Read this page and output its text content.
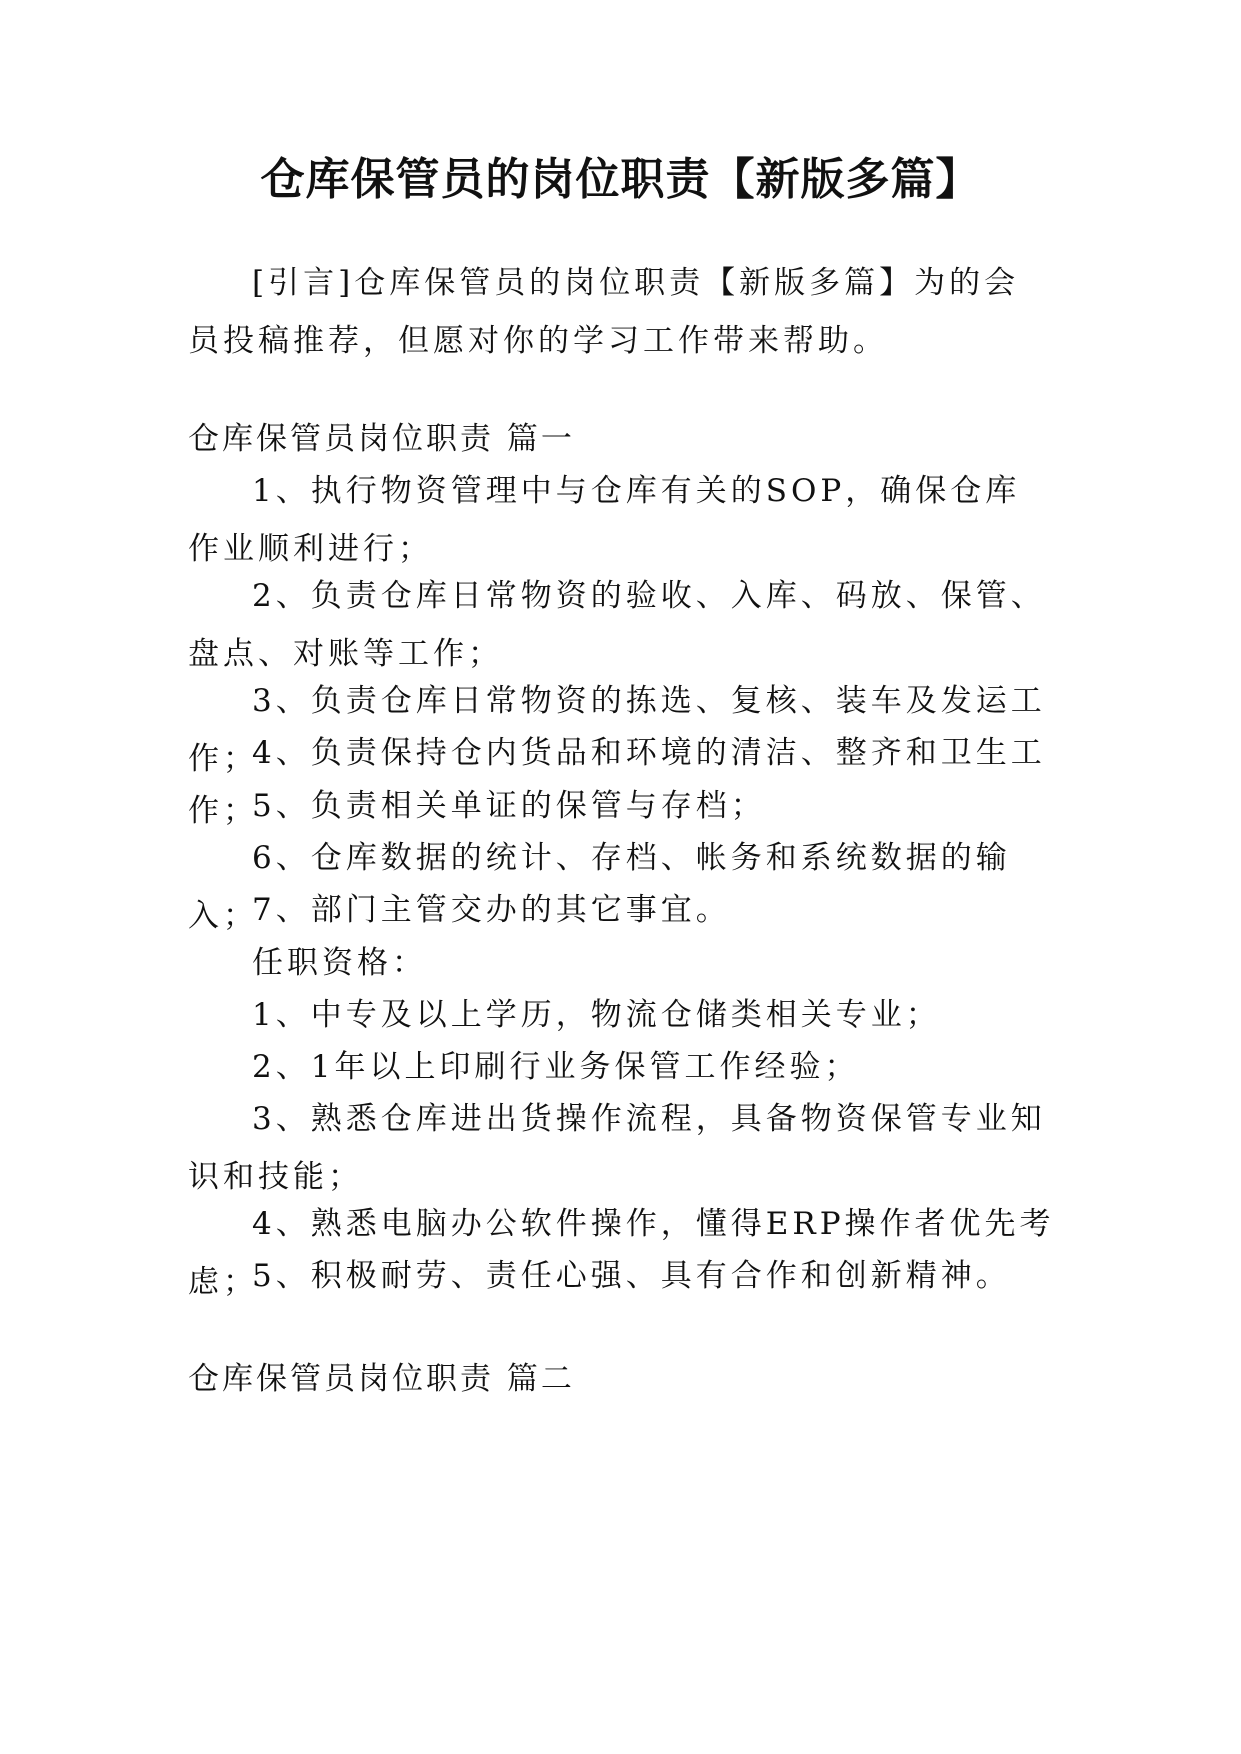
仓库保管员的岗位职责【新版多篇】

[引言]仓库保管员的岗位职责【新版多篇】为的会员投稿推荐，但愿对你的学习工作带来帮助。

仓库保管员岗位职责 篇一

1、执行物资管理中与仓库有关的SOP，确保仓库作业顺利进行；

2、负责仓库日常物资的验收、入库、码放、保管、盘点、对账等工作；

3、负责仓库日常物资的拣选、复核、装车及发运工作；

4、负责保持仓内货品和环境的清洁、整齐和卫生工作；

5、负责相关单证的保管与存档；

6、仓库数据的统计、存档、帐务和系统数据的输入；

7、部门主管交办的其它事宜。

任职资格：

1、中专及以上学历，物流仓储类相关专业；

2、1年以上印刷行业务保管工作经验；

3、熟悉仓库进出货操作流程，具备物资保管专业知识和技能；

4、熟悉电脑办公软件操作，懂得ERP操作者优先考虑；

5、积极耐劳、责任心强、具有合作和创新精神。

仓库保管员岗位职责 篇二
